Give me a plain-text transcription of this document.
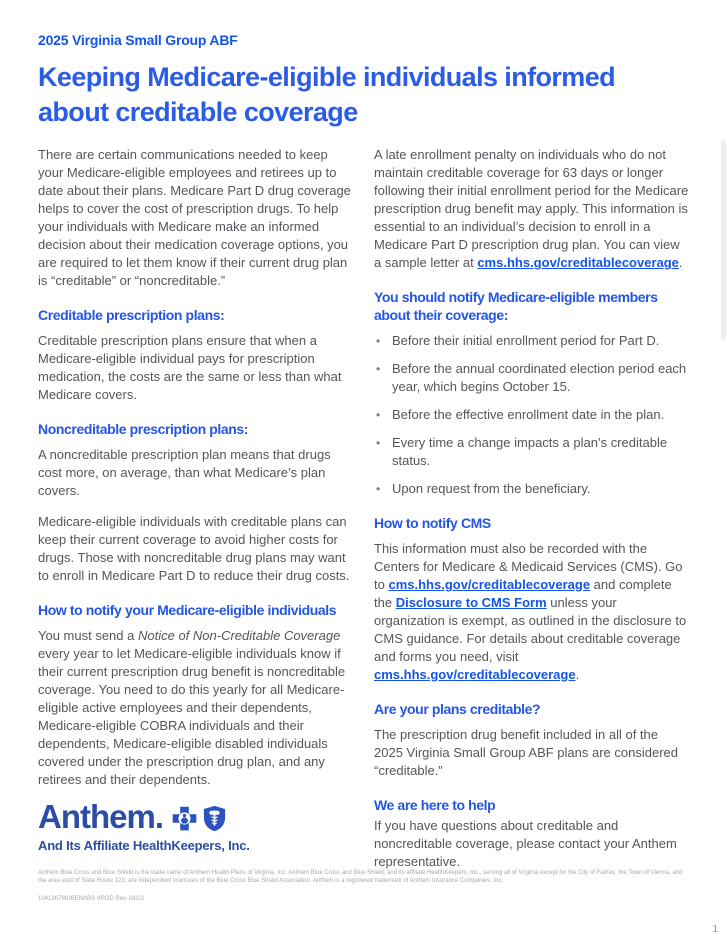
2025 Virginia Small Group ABF
Keeping Medicare-eligible individuals informed about creditable coverage

There are certain communications needed to keep your Medicare-eligible employees and retirees up to date about their plans. Medicare Part D drug coverage helps to cover the cost of prescription drugs. To help your individuals with Medicare make an informed decision about their medication coverage options, you are required to let them know if their current drug plan is “creditable” or “noncreditable.”

Creditable prescription plans:

Creditable prescription plans ensure that when a Medicare-eligible individual pays for prescription medication, the costs are the same or less than what Medicare covers.

Noncreditable prescription plans:

A noncreditable prescription plan means that drugs cost more, on average, than what Medicare’s plan covers.

Medicare-eligible individuals with creditable plans can keep their current coverage to avoid higher costs for drugs. Those with noncreditable drug plans may want to enroll in Medicare Part D to reduce their drug costs.

How to notify your Medicare-eligible individuals

You must send a Notice of Non-Creditable Coverage every year to let Medicare-eligible individuals know if their current prescription drug benefit is noncreditable coverage. You need to do this yearly for all Medicare-eligible active employees and their dependents, Medicare-eligible COBRA individuals and their dependents, Medicare-eligible disabled individuals covered under the prescription drug plan, and any retirees and their dependents.

A late enrollment penalty on individuals who do not maintain creditable coverage for 63 days or longer following their initial enrollment period for the Medicare prescription drug benefit may apply. This information is essential to an individual’s decision to enroll in a Medicare Part D prescription drug plan. You can view a sample letter at cms.hhs.gov/creditablecoverage.

You should notify Medicare-eligible members about their coverage:
• Before their initial enrollment period for Part D.
• Before the annual coordinated election period each year, which begins October 15.
• Before the effective enrollment date in the plan.
• Every time a change impacts a plan’s creditable status.
• Upon request from the beneficiary.
How to notify CMS

This information must also be recorded with the Centers for Medicare & Medicaid Services (CMS). Go to cms.hhs.gov/creditablecoverage and complete the Disclosure to CMS Form unless your organization is exempt, as outlined in the disclosure to CMS guidance. For details about creditable coverage and forms you need, visit cms.hhs.gov/creditablecoverage.

Are your plans creditable?

The prescription drug benefit included in all of the 2025 Virginia Small Group ABF plans are considered “creditable.”

We are here to help

If you have questions about creditable and noncreditable coverage, please contact your Anthem representative.

Anthem.
And Its Affiliate HealthKeepers, Inc.
Anthem Blue Cross and Blue Shield is the trade name of Anthem Health Plans of Virginia, Inc. Anthem Blue Cross and Blue Shield, and its affiliate HealthKeepers, Inc., serving all of Virginia except for the City of Fairfax, the Town of Vienna, and the area east of State Route 123, are independent licensees of the Blue Cross Blue Shield Association. Anthem is a registered trademark of Anthem Insurance Companies, Inc.
1041367MUBENABS VPOD Rev. 08/23
1
